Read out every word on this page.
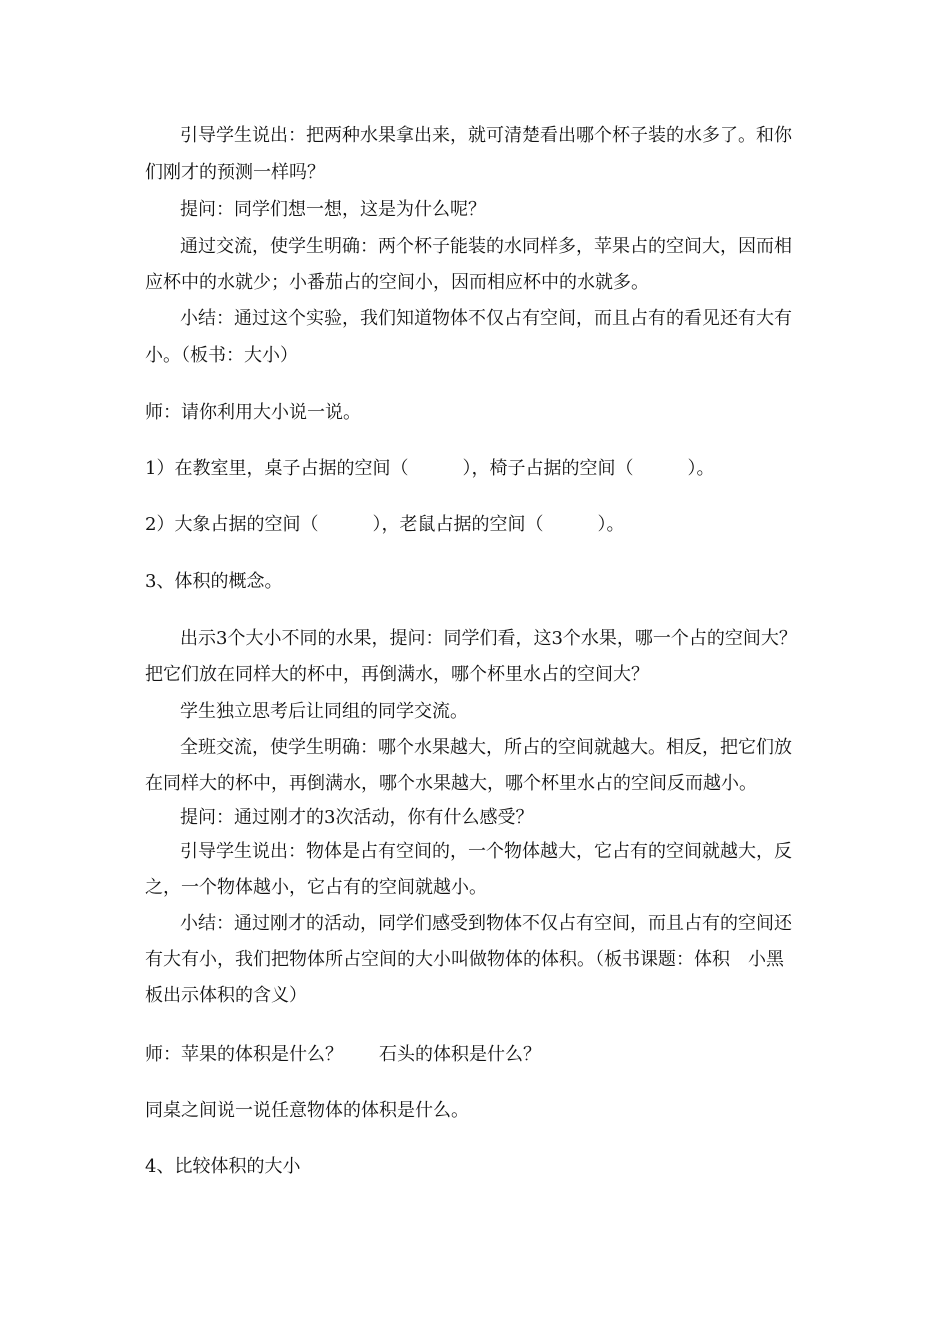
引导学生说出：把两种水果拿出来，就可清楚看出哪个杯子装的水多了。和你
们刚才的预测一样吗？
提问：同学们想一想，这是为什么呢？
通过交流，使学生明确：两个杯子能装的水同样多，苹果占的空间大，因而相
应杯中的水就少；小番茄占的空间小，因而相应杯中的水就多。
小结：通过这个实验，我们知道物体不仅占有空间，而且占有的看见还有大有
小。（板书：大小）
师：请你利用大小说一说。
1）在教室里，桌子占据的空间（　　　），椅子占据的空间（　　　）。
2）大象占据的空间（　　　），老鼠占据的空间（　　　）。
3、体积的概念。
出示3个大小不同的水果，提问：同学们看，这3个水果，哪一个占的空间大？
把它们放在同样大的杯中，再倒满水，哪个杯里水占的空间大？
学生独立思考后让同组的同学交流。
全班交流，使学生明确：哪个水果越大，所占的空间就越大。相反，把它们放
在同样大的杯中，再倒满水，哪个水果越大，哪个杯里水占的空间反而越小。
提问：通过刚才的3次活动，你有什么感受？
引导学生说出：物体是占有空间的，一个物体越大，它占有的空间就越大，反
之，一个物体越小，它占有的空间就越小。
小结：通过刚才的活动，同学们感受到物体不仅占有空间，而且占有的空间还
有大有小，我们把物体所占空间的大小叫做物体的体积。（板书课题：体积　小黑
板出示体积的含义）
师：苹果的体积是什么？　　石头的体积是什么？
同桌之间说一说任意物体的体积是什么。
4、比较体积的大小
